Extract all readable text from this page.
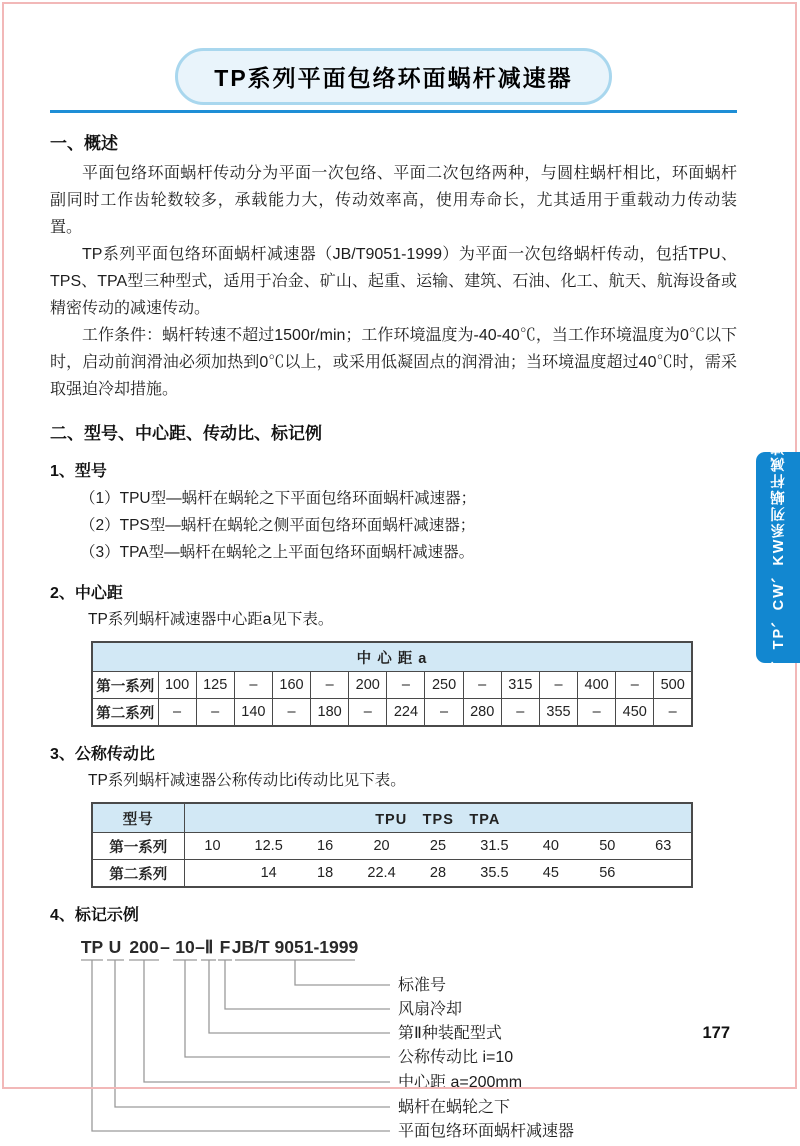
TP系列平面包络环面蜗杆减速器
一、概述

平面包络环面蜗杆传动分为平面一次包络、平面二次包络两种，与圆柱蜗杆相比，环面蜗杆副同时工作齿轮数较多，承载能力大，传动效率高，使用寿命长，尤其适用于重载动力传动装置。

TP系列平面包络环面蜗杆减速器（JB/T9051-1999）为平面一次包络蜗杆传动，包括TPU、TPS、TPA型三种型式，适用于冶金、矿山、起重、运输、建筑、石油、化工、航天、航海设备或精密传动的减速传动。

工作条件：蜗杆转速不超过1500r/min；工作环境温度为-40-40℃，当工作环境温度为0℃以下时，启动前润滑油必须加热到0℃以上，或采用低凝固点的润滑油；当环境温度超过40℃时，需采取强迫冷却措施。

二、型号、中心距、传动比、标记例
1、型号
（1）TPU型—蜗杆在蜗轮之下平面包络环面蜗杆减速器；
（2）TPS型—蜗杆在蜗轮之侧平面包络环面蜗杆减速器；
（3）TPA型—蜗杆在蜗轮之上平面包络环面蜗杆减速器。
2、中心距
TP系列蜗杆减速器中心距a见下表。
中 心 距 a														
第一系列	100	125	–	160	–	200	–	250	–	315	–	400	–	500
第二系列	–	–	140	–	180	–	224	–	280	–	355	–	450	–
3、公称传动比
TP系列蜗杆减速器公称传动比i传动比见下表。
型号	TPU　TPS　TPA								
第一系列	10	12.5	16	20	25	31.5	40	50	63
第二系列		14	18	22.4	28	35.5	45	56	
4、标记示例
TP U 200 – 10 – Ⅱ F JB/T 9051-1999
标准号
风扇冷却
第Ⅱ种装配型式
公称传动比 i=10
中心距 a=200mm
蜗杆在蜗轮之下
平面包络环面蜗杆减速器
WH、TP、CW、KW系列蜗杆减速机
177
